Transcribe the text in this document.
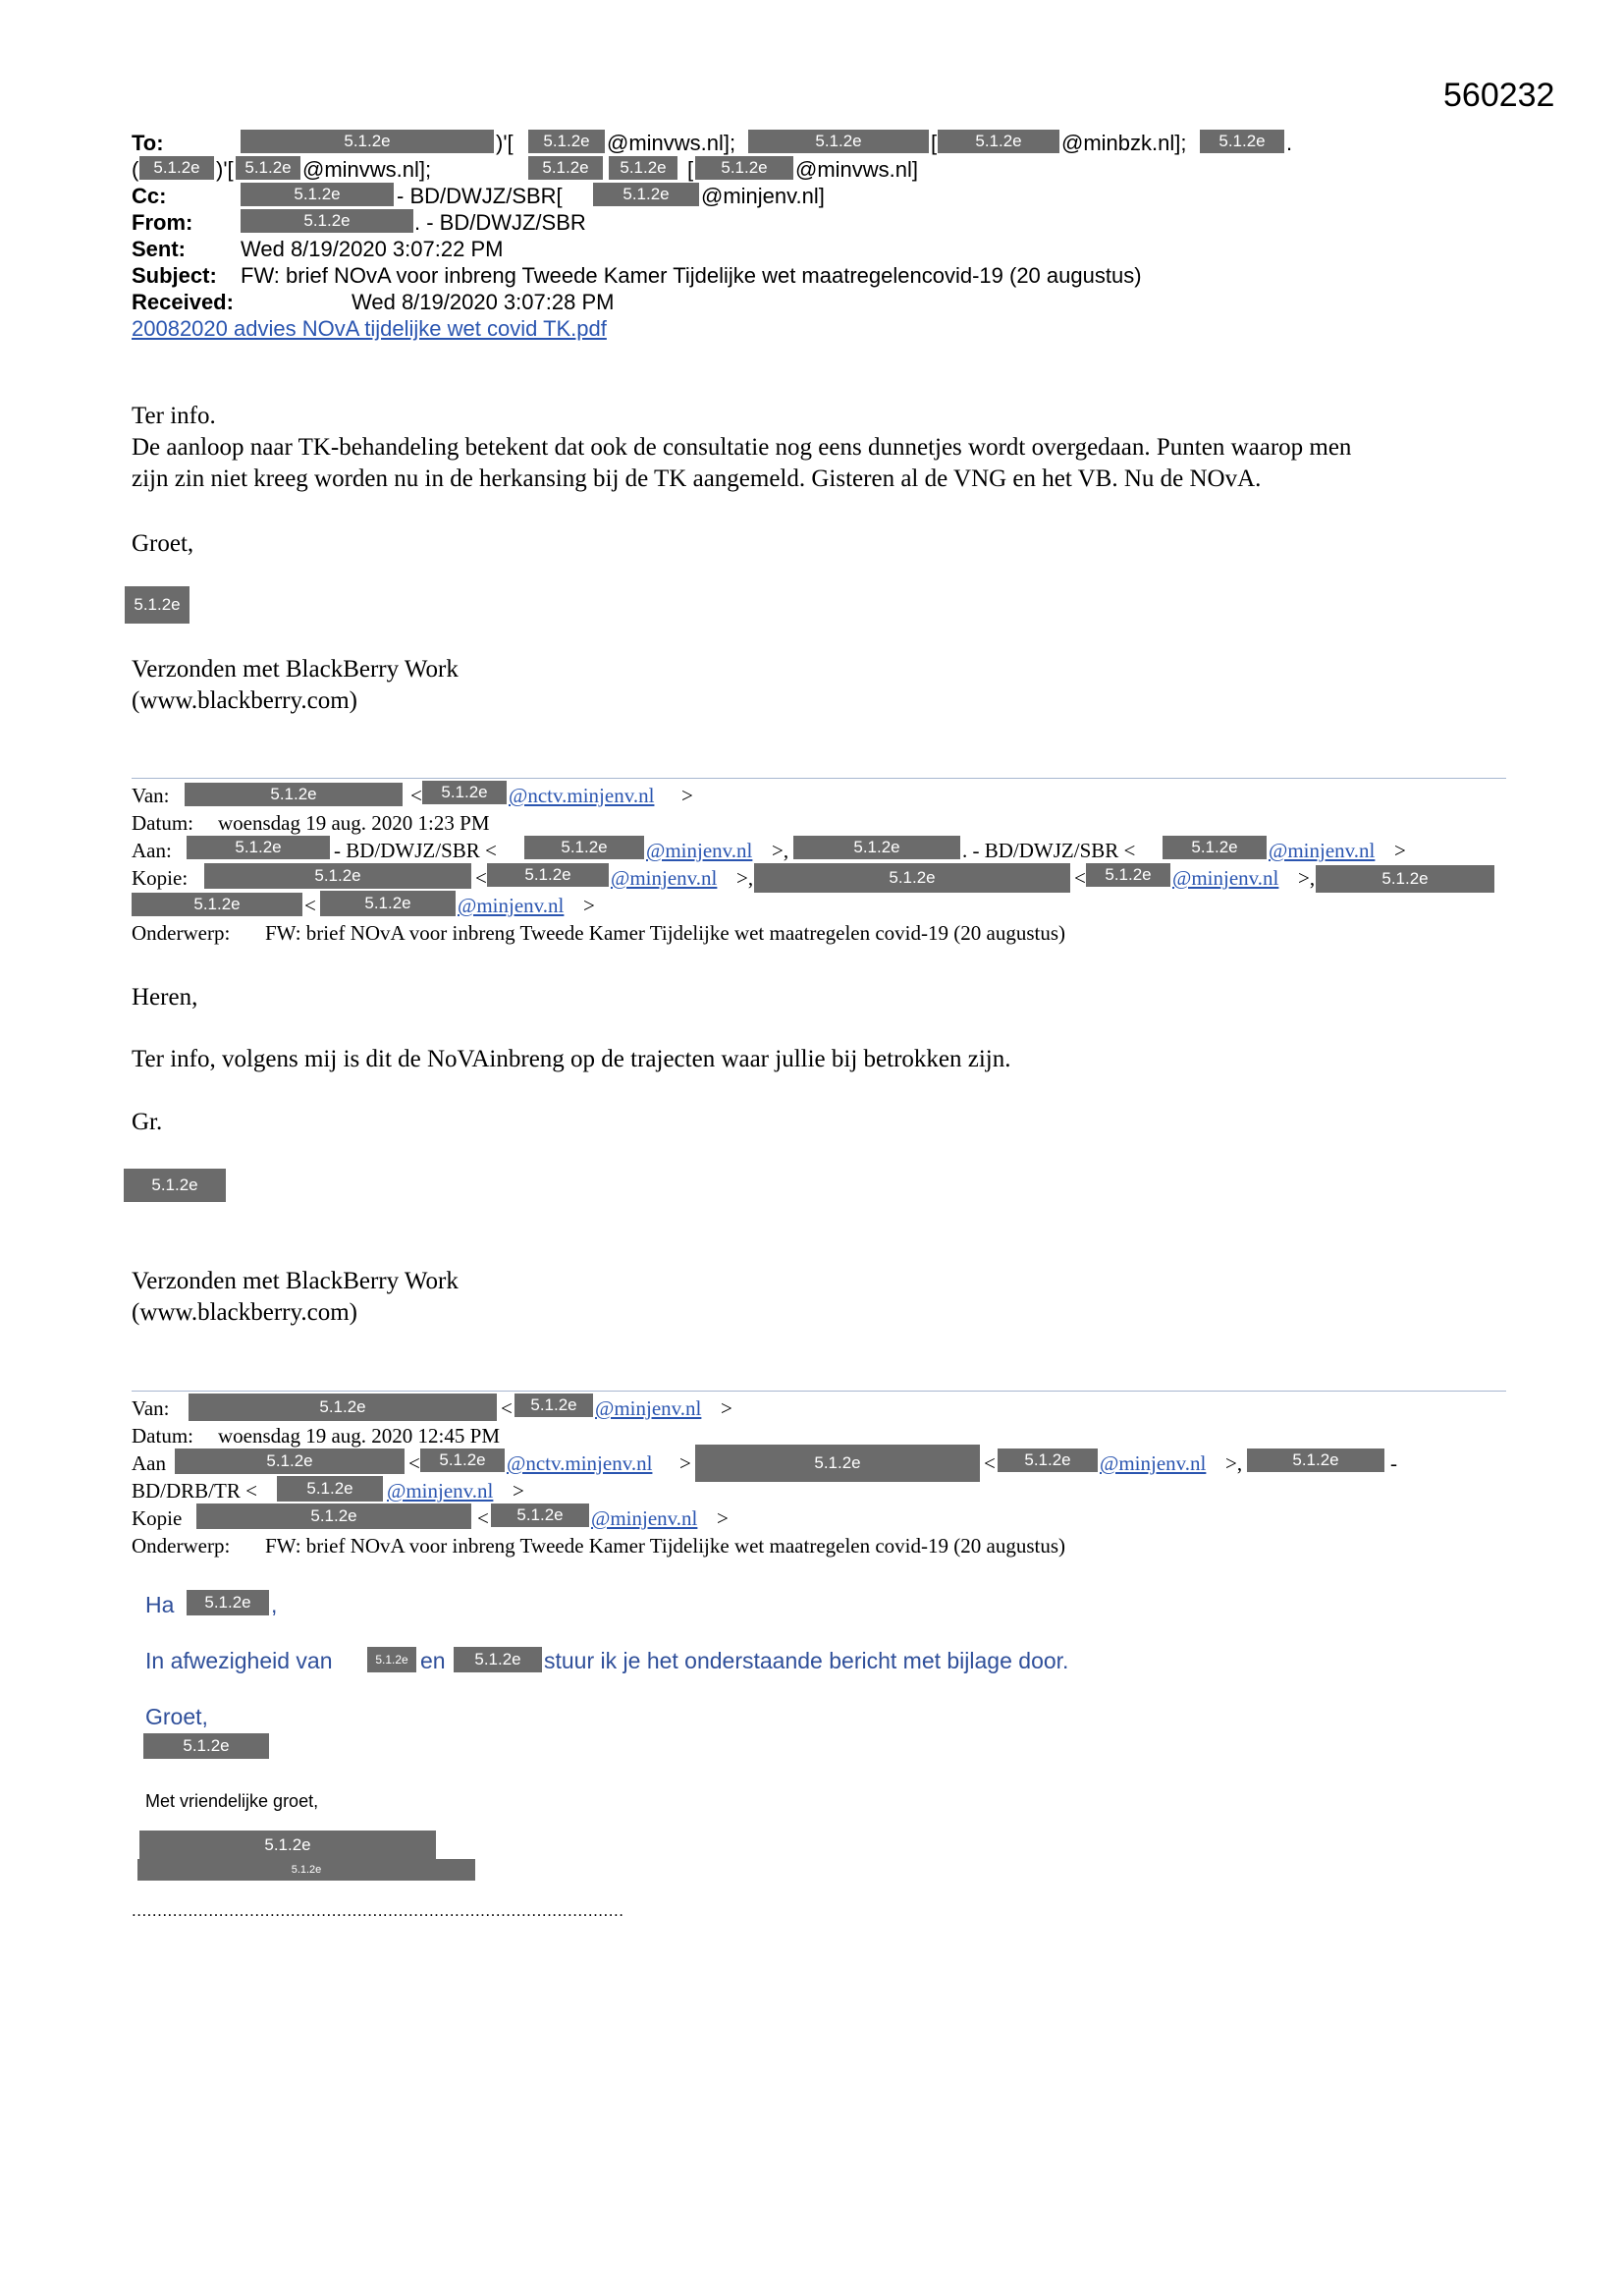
560232
To:	5.1.2e	)'[	5.1.2e @minvws.nl];	5.1.2e	[	5.1.2e	@minbzk.nl];	5.1.2e .
( 5.1.2e )'[ 5.1.2e @minvws.nl];	5.1.2e	5.1.2e [	5.1.2e	@minvws.nl]
Cc:	5.1.2e	- BD/DWJZ/SBR[	5.1.2e	@minjenv.nl]
From:	5.1.2e	. - BD/DWJZ/SBR
Sent:	Wed 8/19/2020 3:07:22 PM
Subject: FW: brief NOvA voor inbreng Tweede Kamer Tijdelijke wet maatregelencovid-19 (20 augustus)
Received:	Wed 8/19/2020 3:07:28 PM
20082020 advies NOvA tijdelijke wet covid TK.pdf
Ter info.
De aanloop naar TK-behandeling betekent dat ook de consultatie nog eens dunnetjes wordt overgedaan. Punten waarop men
zijn zin niet kreeg worden nu in de herkansing bij de TK aangemeld. Gisteren al de VNG en het VB. Nu de NOvA.
Groet,
5.1.2e
Verzonden met BlackBerry Work
(www.blackberry.com)
Van:	5.1.2e	<	5.1.2e	@nctv.minjenv.nl >
Datum: woensdag 19 aug. 2020 1:23 PM
Aan:	5.1.2e	- BD/DWJZ/SBR <	5.1.2e	@minjenv.nl >,	5.1.2e	. - BD/DWJZ/SBR <	5.1.2e	@minjenv.nl >
Kopie:	5.1.2e	<	5.1.2e	@minjenv.nl >,	5.1.2e	<	5.1.2e	@minjenv.nl >,	5.1.2e
5.1.2e	<	5.1.2e	@minjenv.nl >
Onderwerp: FW: brief NOvA voor inbreng Tweede Kamer Tijdelijke wet maatregelen covid-19 (20 augustus)
Heren,
Ter info, volgens mij is dit de NoVAinbreng op de trajecten waar jullie bij betrokken zijn.
Gr.
5.1.2e
Verzonden met BlackBerry Work
(www.blackberry.com)
Van:	5.1.2e	<	5.1.2e @minjenv.nl >
Datum: woensdag 19 aug. 2020 12:45 PM
Aan	5.1.2e	<	5.1.2e	@nctv.minjenv.nl >	5.1.2e	<	5.1.2e	@minjenv.nl >,	5.1.2e	-
BD/DRB/TR <	5.1.2e	@minjenv.nl >
Kopie	5.1.2e	<	5.1.2e	@minjenv.nl >
Onderwerp: FW: brief NOvA voor inbreng Tweede Kamer Tijdelijke wet maatregelen covid-19 (20 augustus)
Ha	5.1.2e ,
In afwezigheid van	5.1.2e en	5.1.2e	stuur ik je het onderstaande bericht met bijlage door.
Groet,
5.1.2e
Met vriendelijke groet,
5.1.2e
5.1.2e
................................................................................................
